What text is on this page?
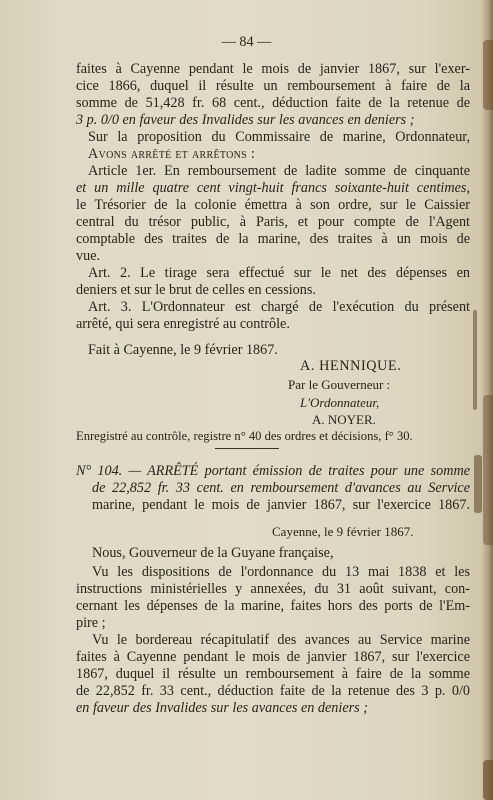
— 84 —
faites à Cayenne pendant le mois de janvier 1867, sur l'exer-
cice 1866, duquel il résulte un remboursement à faire de la
somme de 51,428 fr. 68 cent., déduction faite de la retenue de
3 p. 0/0 en faveur des Invalides sur les avances en deniers ;
Sur la proposition du Commissaire de marine, Ordonnateur,
Avons arrêté et arrêtons :
Article 1er. En remboursement de ladite somme de cinquante
et un mille quatre cent vingt-huit francs soixante-huit centimes,
le Trésorier de la colonie émettra à son ordre, sur le Caissier
central du trésor public, à Paris, et pour compte de l'Agent
comptable des traites de la marine, des traites à un mois de
vue.
Art. 2. Le tirage sera effectué sur le net des dépenses en
deniers et sur le brut de celles en cessions.
Art. 3. L'Ordonnateur est chargé de l'exécution du présent
arrêté, qui sera enregistré au contrôle.
Fait à Cayenne, le 9 février 1867.
A. HENNIQUE.
Par le Gouverneur :
L'Ordonnateur,
A. NOYER.
Enregistré au contrôle, registre n° 40 des ordres et décisions, f° 30.
N° 104. — ARRÊTÉ portant émission de traites pour une somme
de 22,852 fr. 33 cent. en remboursement d'avances au Service
marine, pendant le mois de janvier 1867, sur l'exercice 1867.
Cayenne, le 9 février 1867.
Nous, Gouverneur de la Guyane française,
Vu les dispositions de l'ordonnance du 13 mai 1838 et les
instructions ministérielles y annexées, du 31 août suivant, con-
cernant les dépenses de la marine, faites hors des ports de l'Em-
pire ;
Vu le bordereau récapitulatif des avances au Service marine
faites à Cayenne pendant le mois de janvier 1867, sur l'exercice
1867, duquel il résulte un remboursement à faire de la somme
de 22,852 fr. 33 cent., déduction faite de la retenue des 3 p. 0/0
en faveur des Invalides sur les avances en deniers ;
